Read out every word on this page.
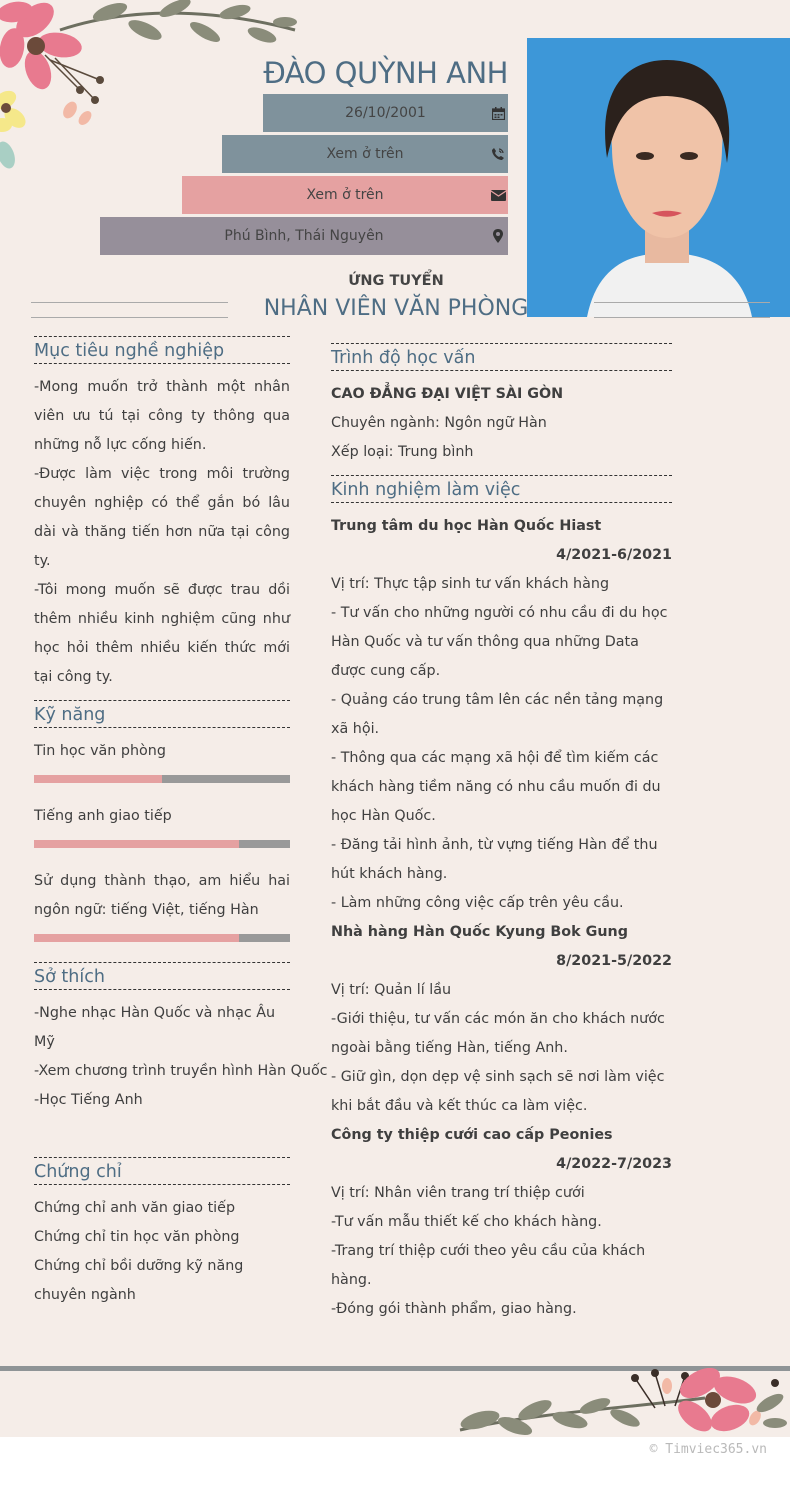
ĐÀO QUỲNH ANH
26/10/2001
Xem ở trên
Xem ở trên
Phú Bình, Thái Nguyên
ỨNG TUYỂN
NHÂN VIÊN VĂN PHÒNG
Mục tiêu nghề nghiệp
-Mong muốn trở thành một nhân viên ưu tú tại công ty thông qua những nỗ lực cống hiến.
-Được làm việc trong môi trường chuyên nghiệp có thể gắn bó lâu dài và thăng tiến hơn nữa tại công ty.
-Tôi mong muốn sẽ được trau dồi thêm nhiều kinh nghiệm cũng như học hỏi thêm nhiều kiến thức mới tại công ty.
Kỹ năng
Tin học văn phòng
Tiếng anh giao tiếp
Sử dụng thành thạo, am hiểu hai ngôn ngữ: tiếng Việt, tiếng Hàn
Sở thích
-Nghe nhạc Hàn Quốc và nhạc Âu Mỹ
-Xem chương trình truyền hình Hàn Quốc
-Học Tiếng Anh
Chứng chỉ
Chứng chỉ anh văn giao tiếp
Chứng chỉ tin học văn phòng
Chứng chỉ bồi dưỡng kỹ năng chuyên ngành
Trình độ học vấn
CAO ĐẲNG ĐẠI VIỆT SÀI GÒN
Chuyên ngành: Ngôn ngữ Hàn
Xếp loại: Trung bình
Kinh nghiệm làm việc
Trung tâm du học Hàn Quốc Hiast
4/2021-6/2021
Vị trí: Thực tập sinh tư vấn khách hàng
- Tư vấn cho những người có nhu cầu đi du học Hàn Quốc và tư vấn thông qua những Data được cung cấp.
- Quảng cáo trung tâm lên các nền tảng mạng xã hội.
- Thông qua các mạng xã hội để tìm kiếm các khách hàng tiềm năng có nhu cầu muốn đi du học Hàn Quốc.
- Đăng tải hình ảnh, từ vựng tiếng Hàn để thu hút khách hàng.
- Làm những công việc cấp trên yêu cầu.
Nhà hàng Hàn Quốc Kyung Bok Gung
8/2021-5/2022
Vị trí: Quản lí lầu
-Giới thiệu, tư vấn các món ăn cho khách nước ngoài bằng tiếng Hàn, tiếng Anh.
- Giữ gìn, dọn dẹp vệ sinh sạch sẽ nơi làm việc khi bắt đầu và kết thúc ca làm việc.
Công ty thiệp cưới cao cấp Peonies
4/2022-7/2023
Vị trí: Nhân viên trang trí thiệp cưới
-Tư vấn mẫu thiết kế cho khách hàng.
-Trang trí thiệp cưới theo yêu cầu của khách hàng.
-Đóng gói thành phẩm, giao hàng.
© Timviec365.vn
